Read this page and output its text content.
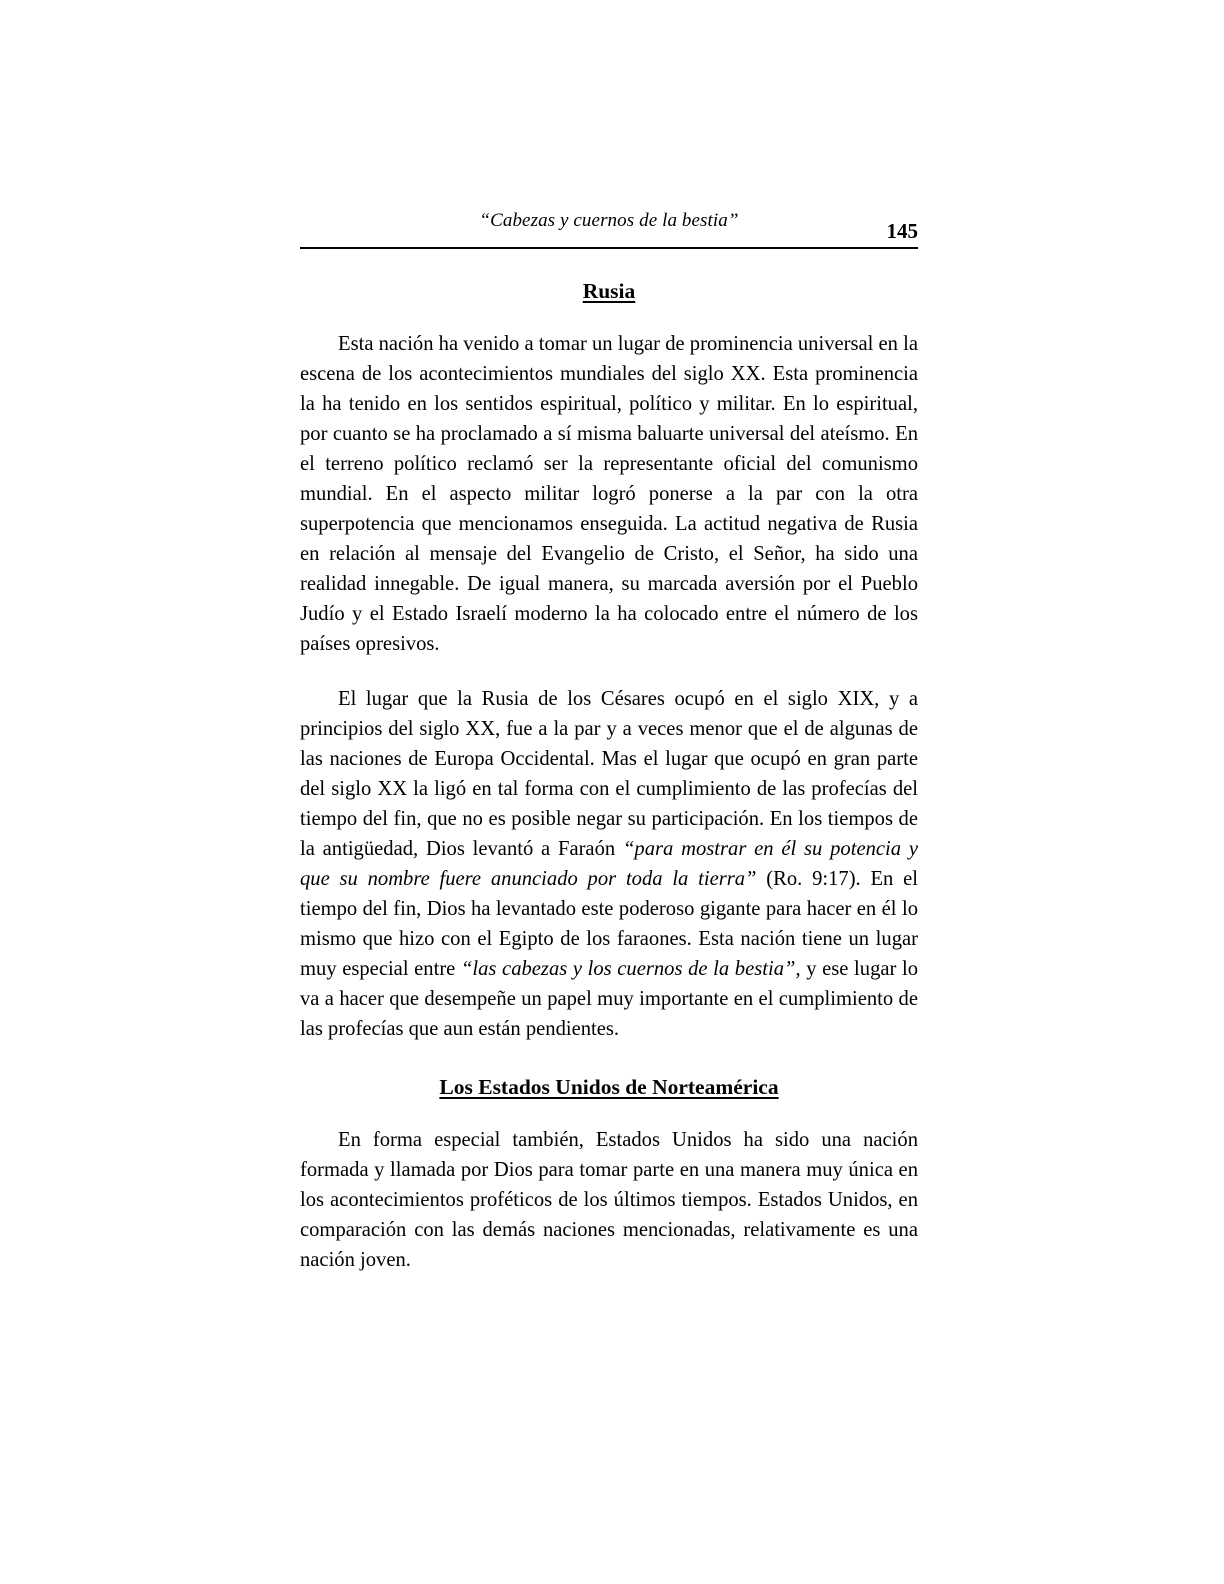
“Cabezas y cuernos de la bestia”	145
Rusia

Esta nación ha venido a tomar un lugar de prominencia universal en la escena de los acontecimientos mundiales del siglo XX. Esta prominencia la ha tenido en los sentidos espiritual, político y militar. En lo espiritual, por cuanto se ha proclamado a sí misma baluarte universal del ateísmo. En el terreno político reclamó ser la representante oficial del comunismo mundial. En el aspecto militar logró ponerse a la par con la otra superpotencia que mencionamos enseguida. La actitud negativa de Rusia en relación al mensaje del Evangelio de Cristo, el Señor, ha sido una realidad innegable. De igual manera, su marcada aversión por el Pueblo Judío y el Estado Israelí moderno la ha colocado entre el número de los países opresivos.

El lugar que la Rusia de los Césares ocupó en el siglo XIX, y a principios del siglo XX, fue a la par y a veces menor que el de algunas de las naciones de Europa Occidental. Mas el lugar que ocupó en gran parte del siglo XX la ligó en tal forma con el cumplimiento de las profecías del tiempo del fin, que no es posible negar su participación. En los tiempos de la antigüedad, Dios levantó a Faraón “para mostrar en él su potencia y que su nombre fuere anunciado por toda la tierra” (Ro. 9:17). En el tiempo del fin, Dios ha levantado este poderoso gigante para hacer en él lo mismo que hizo con el Egipto de los faraones. Esta nación tiene un lugar muy especial entre “las cabezas y los cuernos de la bestia”, y ese lugar lo va a hacer que desempeñe un papel muy importante en el cumplimiento de las profecías que aun están pendientes.

Los Estados Unidos de Norteamérica

En forma especial también, Estados Unidos ha sido una nación formada y llamada por Dios para tomar parte en una manera muy única en los acontecimientos proféticos de los últimos tiempos. Estados Unidos, en comparación con las demás naciones mencionadas, relativamente es una nación joven.
